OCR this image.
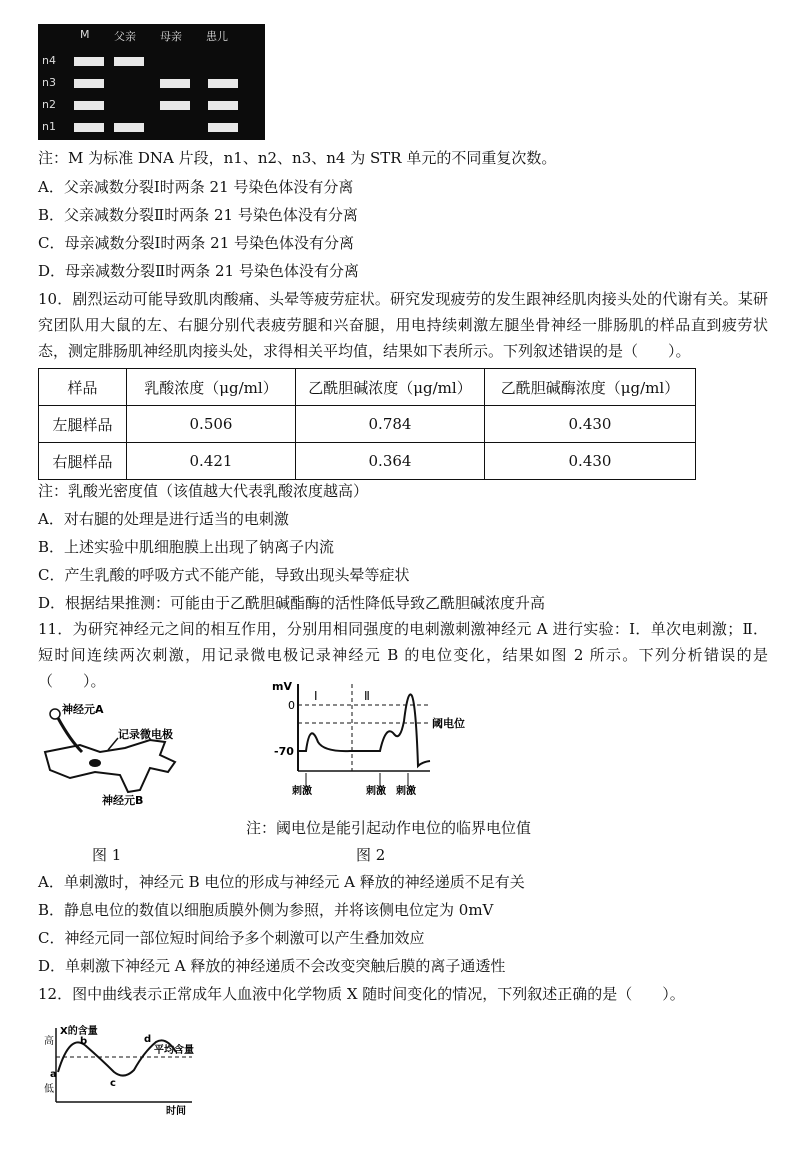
M 父亲 母亲 患儿
n4
n3
n2
n1
注：M 为标准 DNA 片段，n1、n2、n3、n4 为 STR 单元的不同重复次数。
A．父亲减数分裂Ⅰ时两条 21 号染色体没有分离
B．父亲减数分裂Ⅱ时两条 21 号染色体没有分离
C．母亲减数分裂Ⅰ时两条 21 号染色体没有分离
D．母亲减数分裂Ⅱ时两条 21 号染色体没有分离
10．剧烈运动可能导致肌肉酸痛、头晕等疲劳症状。研究发现疲劳的发生跟神经肌肉接头处的代谢有关。某研究团队用大鼠的左、右腿分别代表疲劳腿和兴奋腿，用电持续刺激左腿坐骨神经一腓肠肌的样品直到疲劳状态，测定腓肠肌神经肌肉接头处，求得相关平均值，结果如下表所示。下列叙述错误的是（　　）。
样品	乳酸浓度（μg/ml）	乙酰胆碱浓度（μg/ml）	乙酰胆碱酶浓度（μg/ml）
左腿样品	0.506	0.784	0.430
右腿样品	0.421	0.364	0.430
注：乳酸光密度值（该值越大代表乳酸浓度越高）
A．对右腿的处理是进行适当的电刺激
B．上述实验中肌细胞膜上出现了钠离子内流
C．产生乳酸的呼吸方式不能产能，导致出现头晕等症状
D．根据结果推测：可能由于乙酰胆碱酯酶的活性降低导致乙酰胆碱浓度升高
11．为研究神经元之间的相互作用，分别用相同强度的电刺激刺激神经元 A 进行实验：Ⅰ．单次电刺激；Ⅱ．短时间连续两次刺激，用记录微电极记录神经元 B 的电位变化，结果如图 2 所示。下列分析错误的是（　　）。
神经元A
记录微电极
神经元B
mV
0
-70
Ⅰ	Ⅱ
阈电位
刺激	刺激 刺激
注：阈电位是能引起动作电位的临界电位值
图 1	图 2
A．单刺激时，神经元 B 电位的形成与神经元 A 释放的神经递质不足有关
B．静息电位的数值以细胞质膜外侧为参照，并将该侧电位定为 0mV
C．神经元同一部位短时间给予多个刺激可以产生叠加效应
D．单刺激下神经元 A 释放的神经递质不会改变突触后膜的离子通透性
12．图中曲线表示正常成年人血液中化学物质 X 随时间变化的情况，下列叙述正确的是（　　）。
X的含量
高
低
平均含量
a
b
c
d
时间
